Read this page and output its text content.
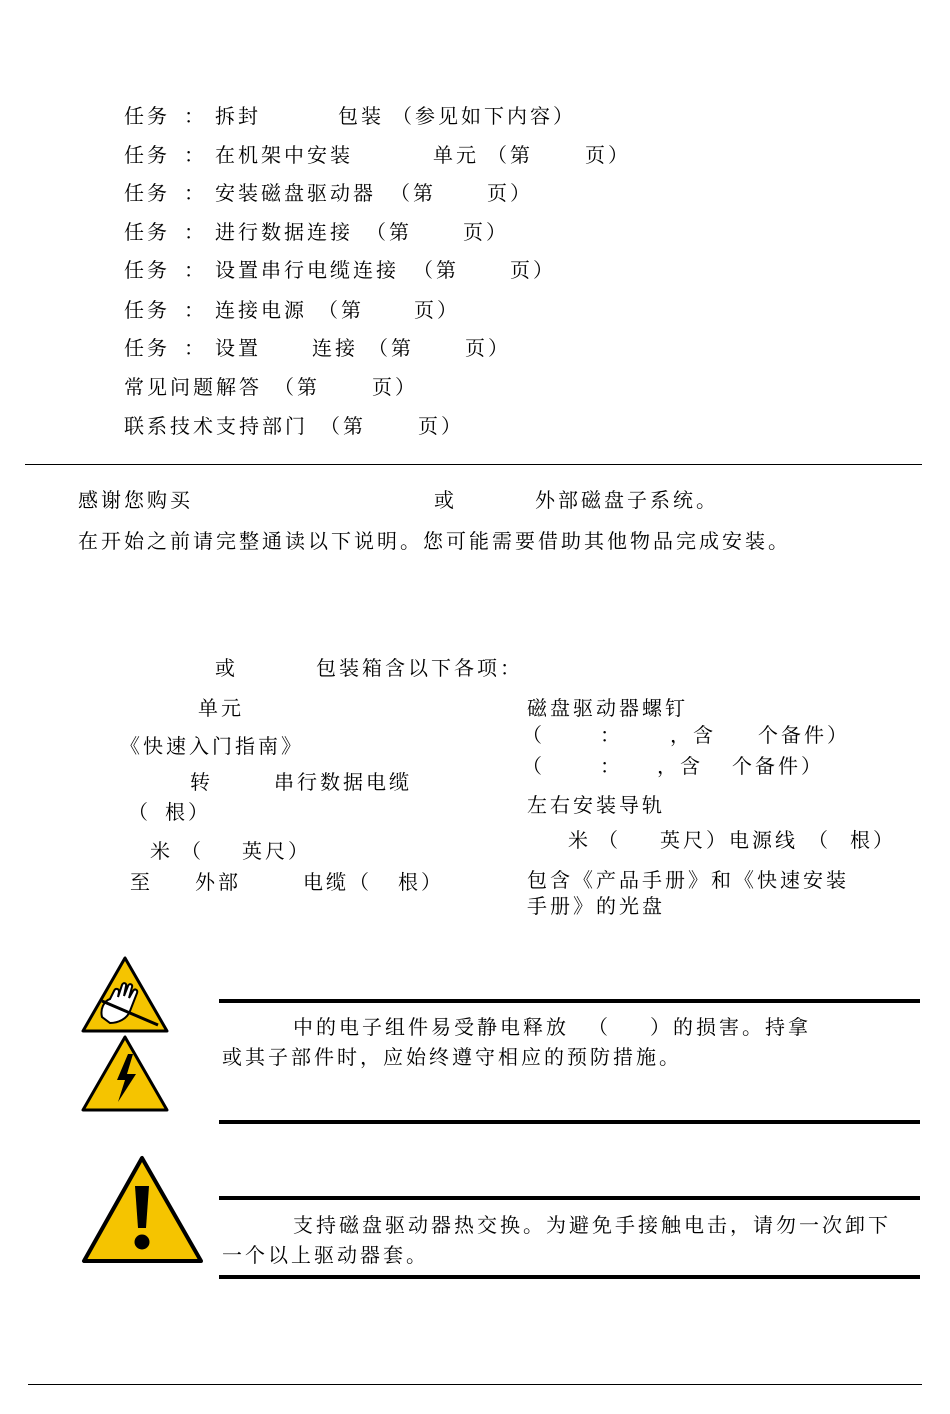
任务 ： 拆封	包装 （参见如下内容）
任务 ： 在机架中安装	单元 （第	页）
任务 ： 安装磁盘驱动器 （第	页）
任务 ： 进行数据连接 （第	页）
任务 ： 设置串行电缆连接 （第	页）
任务 ： 连接电源 （第	页）
任务 ： 设置	连接 （第	页）
常见问题解答 （第	页）
联系技术支持部门 （第	页）
感谢您购买	或	外部磁盘子系统。
在开始之前请完整通读以下说明。您可能需要借助其他物品完成安装。
或	包装箱含以下各项：
单元
《快速入门指南》
转	串行数据电缆
（ 根）
米 （ 英尺）
至 外部	电缆（ 根）
磁盘驱动器螺钉
（	： ，含 个备件）
（	： ，含 个备件）
左右安装导轨
米 （ 英尺）电源线 （ 根）
包含《产品手册》和《快速安装
手册》的光盘
中的电子组件易受静电释放 （ ）的损害。持拿
或其子部件时，应始终遵守相应的预防措施。
支持磁盘驱动器热交换。为避免手接触电击，请勿一次卸下
一个以上驱动器套。
